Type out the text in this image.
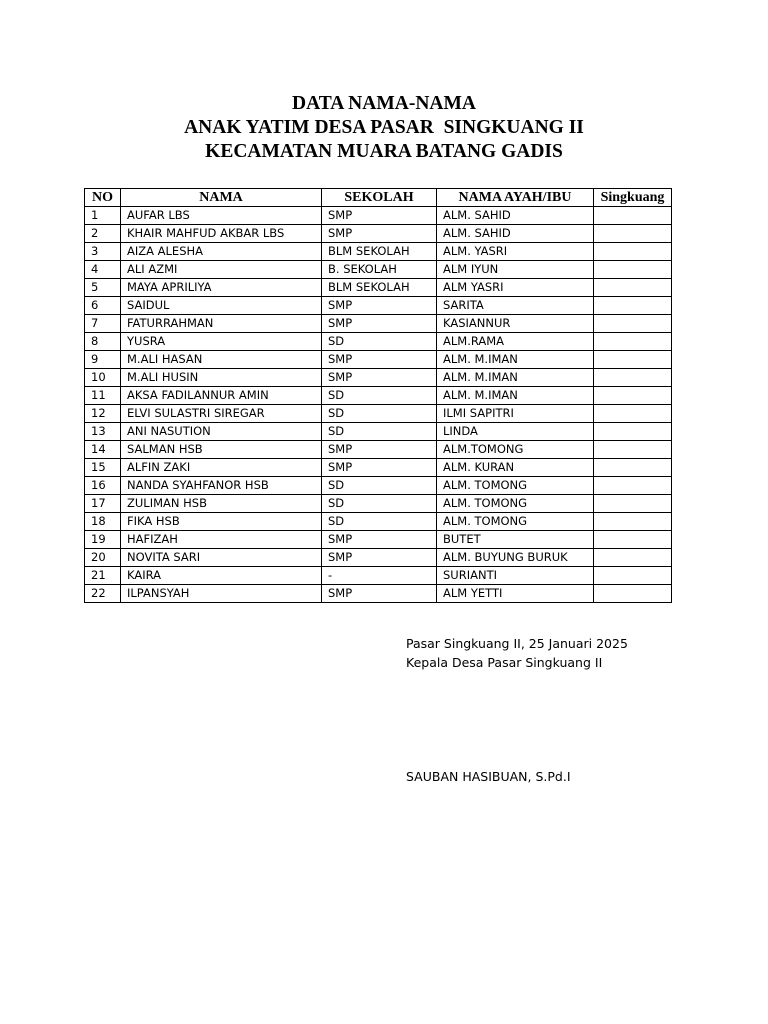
DATA NAMA-NAMA
ANAK YATIM DESA PASAR  SINGKUANG II
KECAMATAN MUARA BATANG GADIS
NO	NAMA	SEKOLAH	NAMA AYAH/IBU	Singkuang
1	AUFAR LBS	SMP	ALM. SAHID	
2	KHAIR MAHFUD AKBAR LBS	SMP	ALM. SAHID	
3	AIZA ALESHA	BLM SEKOLAH	ALM. YASRI	
4	ALI AZMI	B. SEKOLAH	ALM IYUN	
5	MAYA APRILIYA	BLM SEKOLAH	ALM YASRI	
6	SAIDUL	SMP	SARITA	
7	FATURRAHMAN	SMP	KASIANNUR	
8	YUSRA	SD	ALM.RAMA	
9	M.ALI HASAN	SMP	ALM. M.IMAN	
10	M.ALI HUSIN	SMP	ALM. M.IMAN	
11	AKSA FADILANNUR AMIN	SD	ALM. M.IMAN	
12	ELVI SULASTRI SIREGAR	SD	ILMI SAPITRI	
13	ANI NASUTION	SD	LINDA	
14	SALMAN HSB	SMP	ALM.TOMONG	
15	ALFIN ZAKI	SMP	ALM. KURAN	
16	NANDA SYAHFANOR HSB	SD	ALM. TOMONG	
17	ZULIMAN HSB	SD	ALM. TOMONG	
18	FIKA HSB	SD	ALM. TOMONG	
19	HAFIZAH	SMP	BUTET	
20	NOVITA SARI	SMP	ALM. BUYUNG BURUK	
21	KAIRA	-	SURIANTI	
22	ILPANSYAH	SMP	ALM YETTI	
Pasar Singkuang II, 25 Januari 2025
Kepala Desa Pasar Singkuang II
SAUBAN HASIBUAN, S.Pd.I
